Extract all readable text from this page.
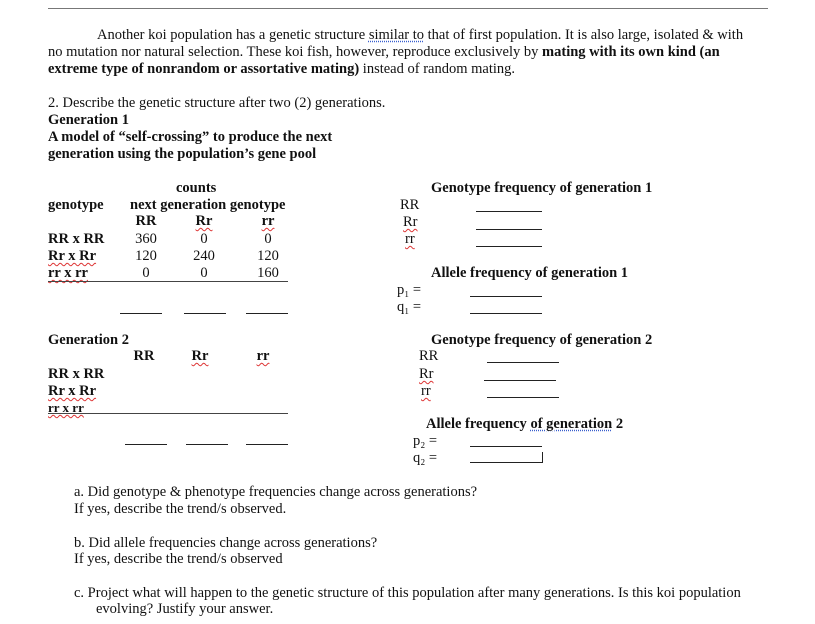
Another koi population has a genetic structure similar to that of first population. It is also large, isolated & with
no mutation nor natural selection. These koi fish, however, reproduce exclusively by mating with its own kind (an
extreme type of nonrandom or assortative mating) instead of random mating.
2. Describe the genetic structure after two (2) generations.
Generation 1
A model of “self-crossing” to produce the next
generation using the population’s gene pool
counts
genotype next generation genotype
RR	Rr	rr
RR x RR	360	0	0
Rr x Rr	120	240	120
rr x rr	0	0	160
Genotype frequency of generation 1
RR
Rr
rr
Allele frequency of generation 1
p₁ =
q₁ =
Generation 2
RR	Rr	rr
RR x RR
Rr x Rr
rr x rr
Genotype frequency of generation 2
RR
Rr
rr
Allele frequency of generation 2
p₂ =
q₂ =
a. Did genotype & phenotype frequencies change across generations?
If yes, describe the trend/s observed.
b. Did allele frequencies change across generations?
If yes, describe the trend/s observed
c. Project what will happen to the genetic structure of this population after many generations. Is this koi population
evolving? Justify your answer.
